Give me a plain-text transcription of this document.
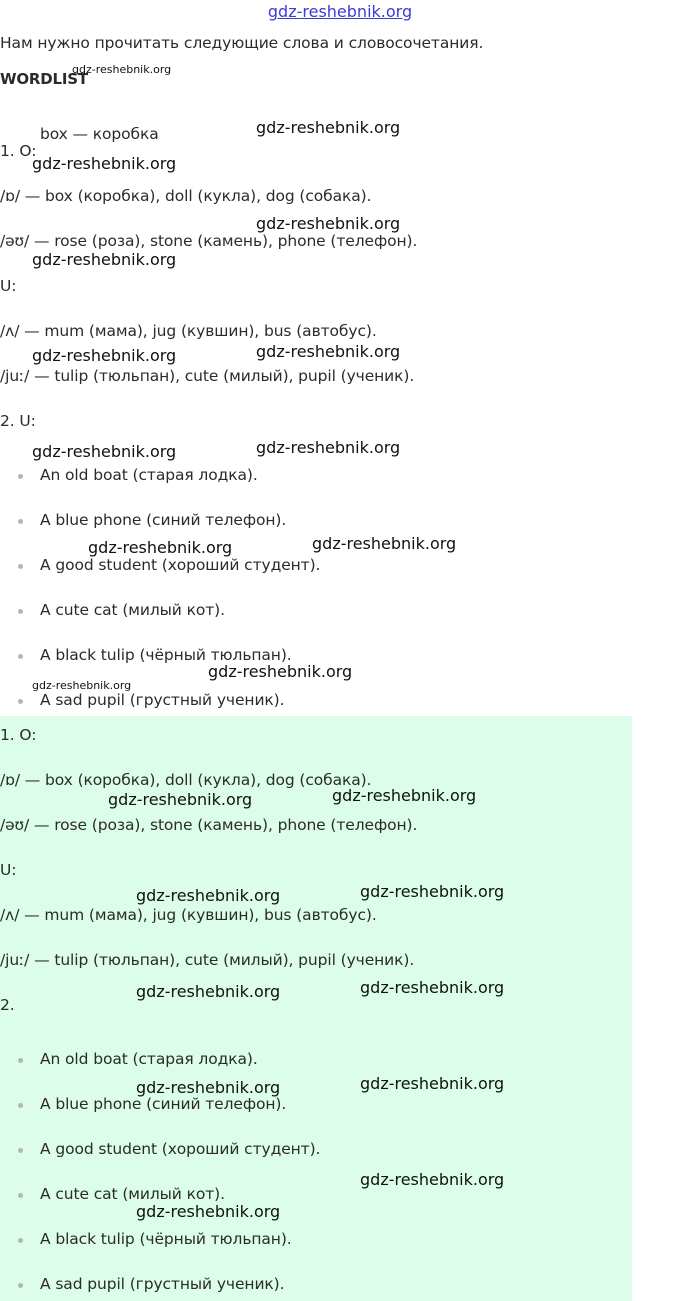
gdz-reshebnik.org
Нам нужно прочитать следующие слова и словосочетания.
WORDLIST
gdz-reshebnik.org
box — коробка
1. O:
/ɒ/ — box (коробка), doll (кукла), dog (собака).
/əʊ/ — rose (роза), stone (камень), phone (телефон).
U:
/ʌ/ — mum (мама), jug (кувшин), bus (автобус).
/juː/ — tulip (тюльпан), cute (милый), pupil (ученик).
2. U:
An old boat (старая лодка).
A blue phone (синий телефон).
A good student (хороший студент).
A cute cat (милый кот).
A black tulip (чёрный тюльпан).
A sad pupil (грустный ученик).
1. O:
/ɒ/ — box (коробка), doll (кукла), dog (собака).
/əʊ/ — rose (роза), stone (камень), phone (телефон).
U:
/ʌ/ — mum (мама), jug (кувшин), bus (автобус).
/juː/ — tulip (тюльпан), cute (милый), pupil (ученик).
2.
An old boat (старая лодка).
A blue phone (синий телефон).
A good student (хороший студент).
A cute cat (милый кот).
A black tulip (чёрный тюльпан).
A sad pupil (грустный ученик).
gdz-reshebnik.org
gdz-reshebnik.org
gdz-reshebnik.org
gdz-reshebnik.org
gdz-reshebnik.org
gdz-reshebnik.org
gdz-reshebnik.org
gdz-reshebnik.org
gdz-reshebnik.org
gdz-reshebnik.org
gdz-reshebnik.org
gdz-reshebnik.org
gdz-reshebnik.org
gdz-reshebnik.org
gdz-reshebnik.org
gdz-reshebnik.org
gdz-reshebnik.org
gdz-reshebnik.org
gdz-reshebnik.org
gdz-reshebnik.org
gdz-reshebnik.org
gdz-reshebnik.org
